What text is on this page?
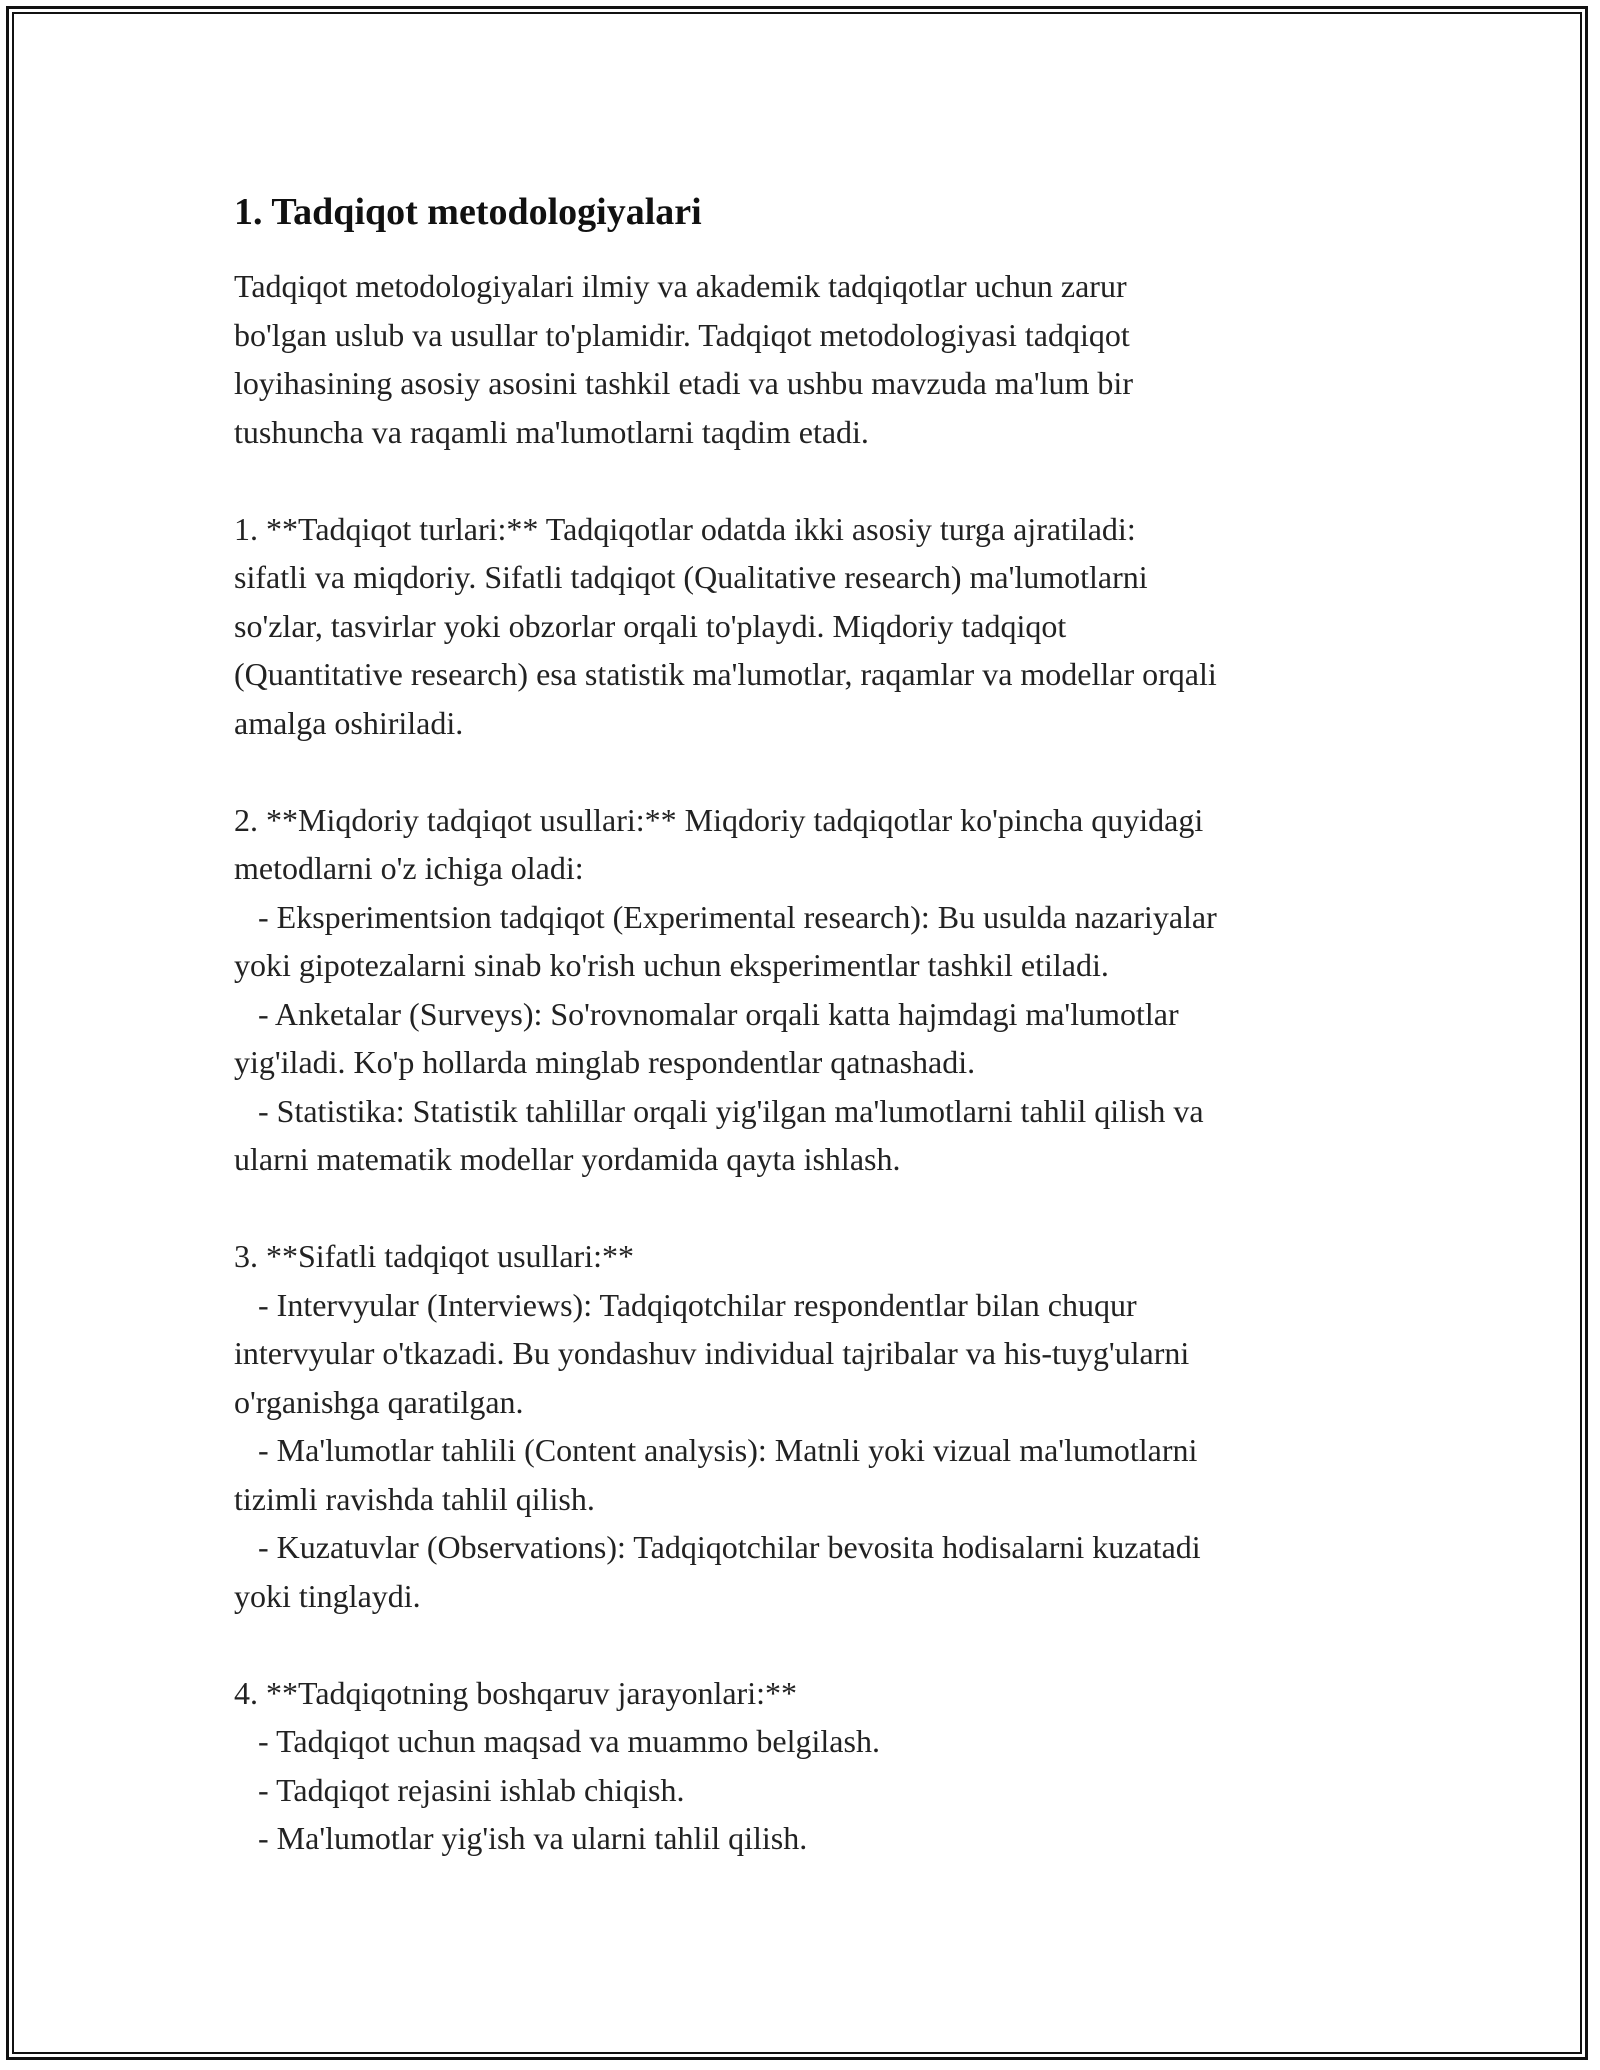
1. Tadqiqot metodologiyalari

Tadqiqot metodologiyalari ilmiy va akademik tadqiqotlar uchun zarur
bo'lgan uslub va usullar to'plamidir. Tadqiqot metodologiyasi tadqiqot
loyihasining asosiy asosini tashkil etadi va ushbu mavzuda ma'lum bir
tushuncha va raqamli ma'lumotlarni taqdim etadi.

1. **Tadqiqot turlari:** Tadqiqotlar odatda ikki asosiy turga ajratiladi:
sifatli va miqdoriy. Sifatli tadqiqot (Qualitative research) ma'lumotlarni
so'zlar, tasvirlar yoki obzorlar orqali to'playdi. Miqdoriy tadqiqot
(Quantitative research) esa statistik ma'lumotlar, raqamlar va modellar orqali
amalga oshiriladi.

2. **Miqdoriy tadqiqot usullari:** Miqdoriy tadqiqotlar ko'pincha quyidagi
metodlarni o'z ichiga oladi:
- Eksperimentsion tadqiqot (Experimental research): Bu usulda nazariyalar
yoki gipotezalarni sinab ko'rish uchun eksperimentlar tashkil etiladi.
- Anketalar (Surveys): So'rovnomalar orqali katta hajmdagi ma'lumotlar
yig'iladi. Ko'p hollarda minglab respondentlar qatnashadi.
- Statistika: Statistik tahlillar orqali yig'ilgan ma'lumotlarni tahlil qilish va
ularni matematik modellar yordamida qayta ishlash.

3. **Sifatli tadqiqot usullari:**
- Intervyular (Interviews): Tadqiqotchilar respondentlar bilan chuqur
intervyular o'tkazadi. Bu yondashuv individual tajribalar va his-tuyg'ularni
o'rganishga qaratilgan.
- Ma'lumotlar tahlili (Content analysis): Matnli yoki vizual ma'lumotlarni
tizimli ravishda tahlil qilish.
- Kuzatuvlar (Observations): Tadqiqotchilar bevosita hodisalarni kuzatadi
yoki tinglaydi.

4. **Tadqiqotning boshqaruv jarayonlari:**
- Tadqiqot uchun maqsad va muammo belgilash.
- Tadqiqot rejasini ishlab chiqish.
- Ma'lumotlar yig'ish va ularni tahlil qilish.
